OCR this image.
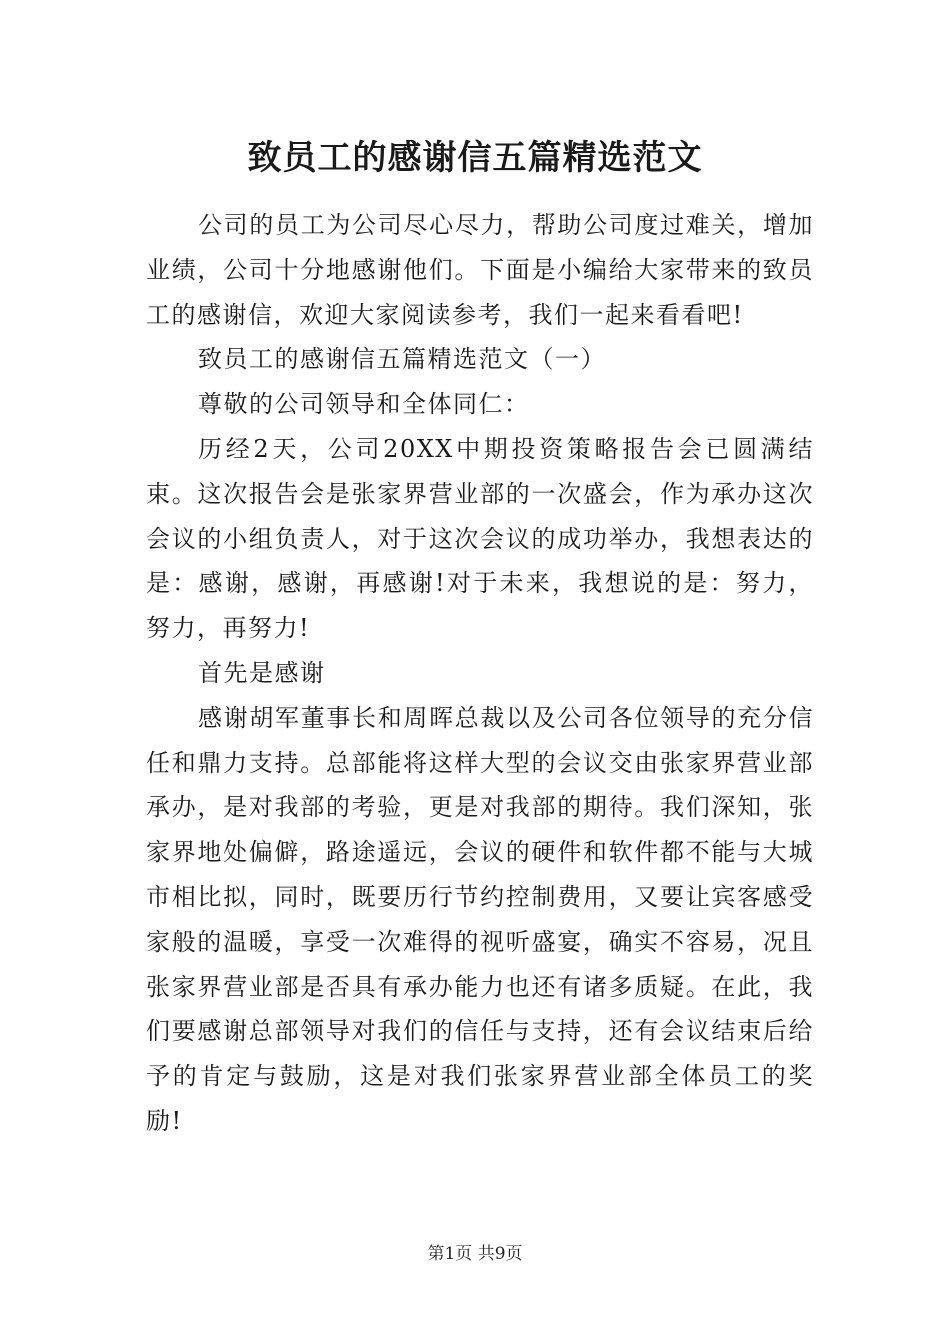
致员工的感谢信五篇精选范文

公司的员工为公司尽心尽力，帮助公司度过难关，增加业绩，公司十分地感谢他们。下面是小编给大家带来的致员工的感谢信，欢迎大家阅读参考，我们一起来看看吧!

致员工的感谢信五篇精选范文（一）

尊敬的公司领导和全体同仁：

历经2天，公司20XX中期投资策略报告会已圆满结束。这次报告会是张家界营业部的一次盛会，作为承办这次会议的小组负责人，对于这次会议的成功举办，我想表达的是：感谢，感谢，再感谢!对于未来，我想说的是：努力，努力，再努力!

首先是感谢

感谢胡军董事长和周晖总裁以及公司各位领导的充分信任和鼎力支持。总部能将这样大型的会议交由张家界营业部承办，是对我部的考验，更是对我部的期待。我们深知，张家界地处偏僻，路途遥远，会议的硬件和软件都不能与大城市相比拟，同时，既要历行节约控制费用，又要让宾客感受家般的温暖，享受一次难得的视听盛宴，确实不容易，况且张家界营业部是否具有承办能力也还有诸多质疑。在此，我们要感谢总部领导对我们的信任与支持，还有会议结束后给予的肯定与鼓励，这是对我们张家界营业部全体员工的奖励!

第1页 共9页
